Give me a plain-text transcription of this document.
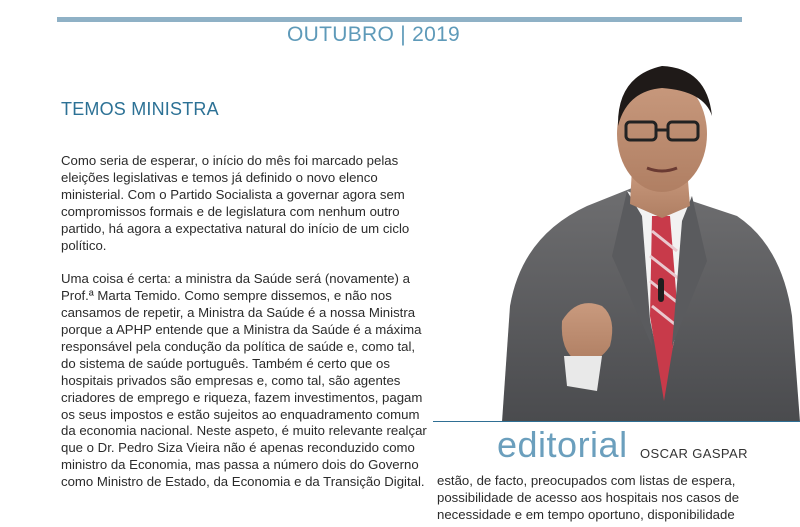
OUTUBRO | 2019
TEMOS MINISTRA

Como seria de esperar, o início do mês foi marcado pelas eleições legislativas e temos já definido o novo elenco ministerial. Com o Partido Socialista a governar agora sem compromissos formais e de legislatura com nenhum outro partido, há agora a expectativa natural do início de um ciclo político.

Uma coisa é certa: a ministra da Saúde será (novamente) a Prof.ª Marta Temido. Como sempre dissemos, e não nos cansamos de repetir, a Ministra da Saúde é a nossa Ministra porque a APHP entende que a Ministra da Saúde é a máxima responsável pela condução da política de saúde e, como tal, do sistema de saúde português. Também é certo que os hospitais privados são empresas e, como tal, são agentes criadores de emprego e riqueza, fazem investimentos, pagam os seus impostos e estão sujeitos ao enquadramento comum da economia nacional. Neste aspeto, é muito relevante realçar que o Dr. Pedro Siza Vieira não é apenas reconduzido como ministro da Economia, mas passa a número dois do Governo como Ministro de Estado, da Economia e da Transição Digital.

editorial OSCAR GASPAR
estão, de facto, preocupados com listas de espera, possibilidade de acesso aos hospitais nos casos de necessidade e em tempo oportuno, disponibilidade
